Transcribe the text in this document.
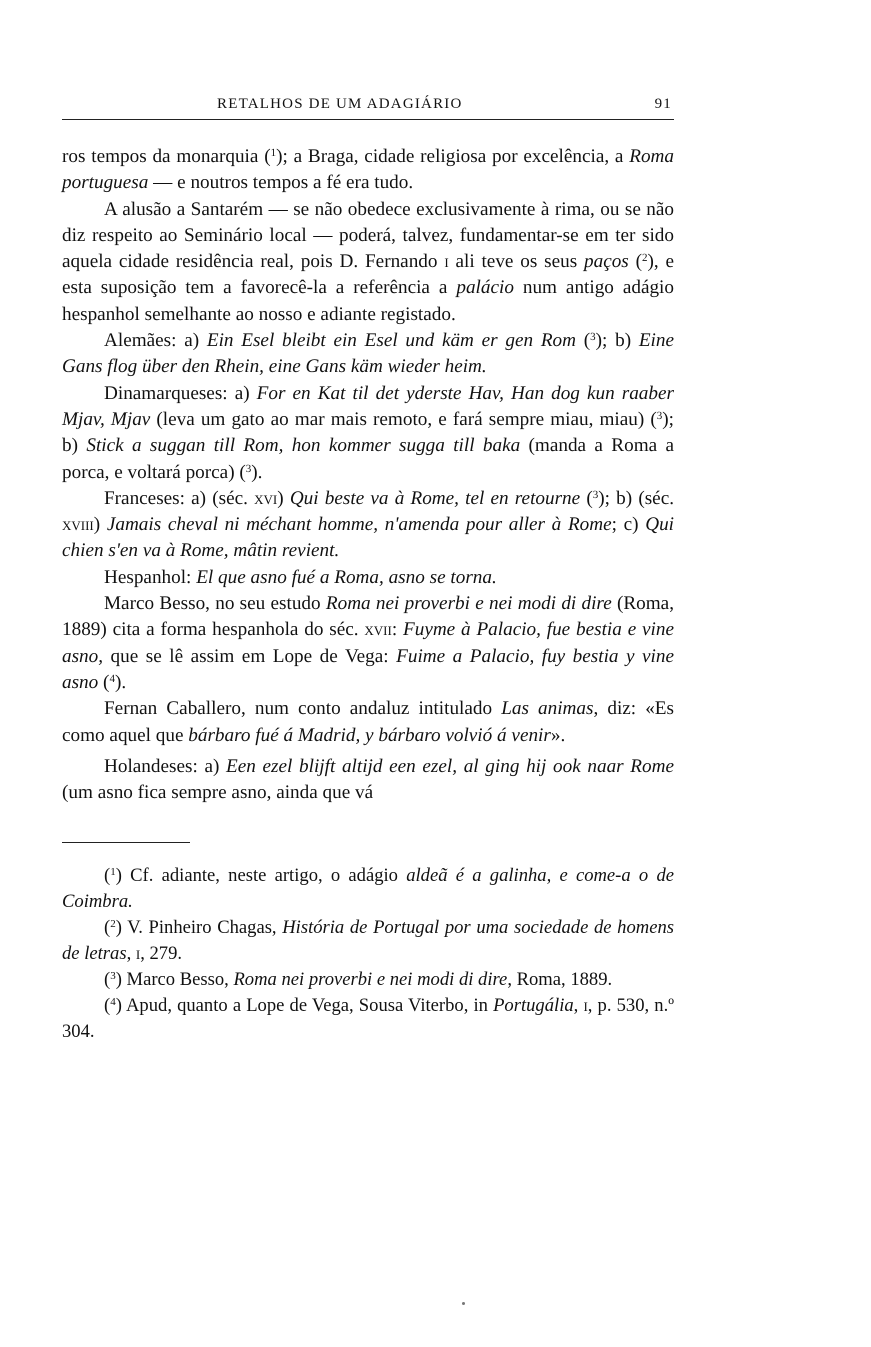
RETALHOS DE UM ADAGIÁRIO	91

ros tempos da monarquia ($^1$); a Braga, cidade religiosa por excelência, a Roma portuguesa — e noutros tempos a fé era tudo.

A alusão a Santarém — se não obedece exclusivamente à rima, ou se não diz respeito ao Seminário local — poderá, talvez, fundamentar-se em ter sido aquela cidade residência real, pois D. Fernando i ali teve os seus paços ($^2$), e esta suposição tem a favorecê-la a referência a palácio num antigo adágio hespanhol semelhante ao nosso e adiante registado.

Alemães: a) Ein Esel bleibt ein Esel und käm er gen Rom ($^3$); b) Eine Gans flog über den Rhein, eine Gans käm wieder heim.

Dinamarqueses: a) For en Kat til det yderste Hav, Han dog kun raaber Mjav, Mjav (leva um gato ao mar mais remoto, e fará sempre miau, miau) ($^3$); b) Stick a suggan till Rom, hon kommer sugga till baka (manda a Roma a porca, e voltará porca) ($^3$).

Franceses: a) (séc. xvi) Qui beste va à Rome, tel en retourne ($^3$); b) (séc. xviii) Jamais cheval ni méchant homme, n'amenda pour aller à Rome; c) Qui chien s'en va à Rome, mâtin revient.

Hespanhol: El que asno fué a Roma, asno se torna.

Marco Besso, no seu estudo Roma nei proverbi e nei modi di dire (Roma, 1889) cita a forma hespanhola do séc. xvii: Fuyme à Palacio, fue bestia e vine asno, que se lê assim em Lope de Vega: Fuime a Palacio, fuy bestia y vine asno ($^4$).

Fernan Caballero, num conto andaluz intitulado Las animas, diz: «Es como aquel que bárbaro fué á Madrid, y bárbaro volvió á venir».

Holandeses: a) Een ezel blijft altijd een ezel, al ging hij ook naar Rome (um asno fica sempre asno, ainda que vá

($^1$) Cf. adiante, neste artigo, o adágio aldeã é a galinha, e come-a o de Coimbra.

($^2$) V. Pinheiro Chagas, História de Portugal por uma sociedade de homens de letras, i, 279.

($^3$) Marco Besso, Roma nei proverbi e nei modi di dire, Roma, 1889.

($^4$) Apud, quanto a Lope de Vega, Sousa Viterbo, in Portugália, i, p. 530, n.º 304.
